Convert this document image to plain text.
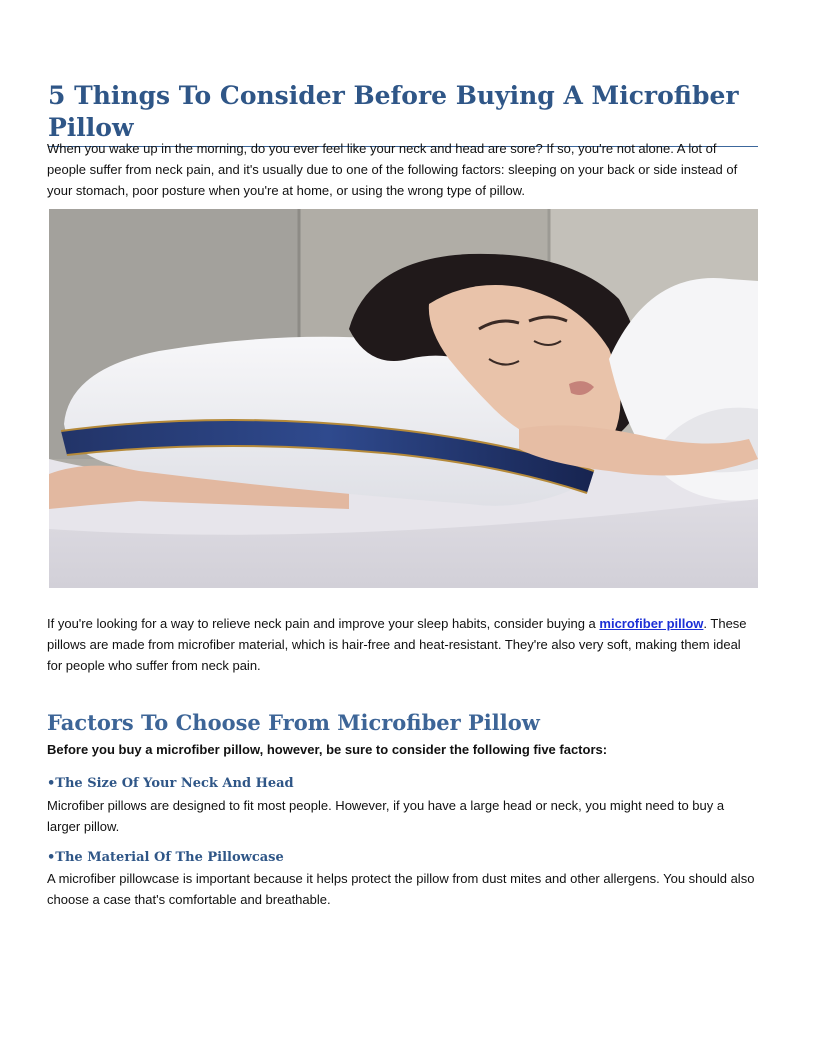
5 Things To Consider Before Buying A Microfiber Pillow

When you wake up in the morning, do you ever feel like your neck and head are sore? If so, you're not alone. A lot of people suffer from neck pain, and it's usually due to one of the following factors: sleeping on your back or side instead of your stomach, poor posture when you're at home, or using the wrong type of pillow.

If you're looking for a way to relieve neck pain and improve your sleep habits, consider buying a microfiber pillow. These pillows are made from microfiber material, which is hair-free and heat-resistant. They're also very soft, making them ideal for people who suffer from neck pain.

Factors To Choose From Microfiber Pillow

Before you buy a microfiber pillow, however, be sure to consider the following five factors:

•The Size Of Your Neck And Head

Microfiber pillows are designed to fit most people. However, if you have a large head or neck, you might need to buy a larger pillow.

•The Material Of The Pillowcase

A microfiber pillowcase is important because it helps protect the pillow from dust mites and other allergens. You should also choose a case that's comfortable and breathable.
